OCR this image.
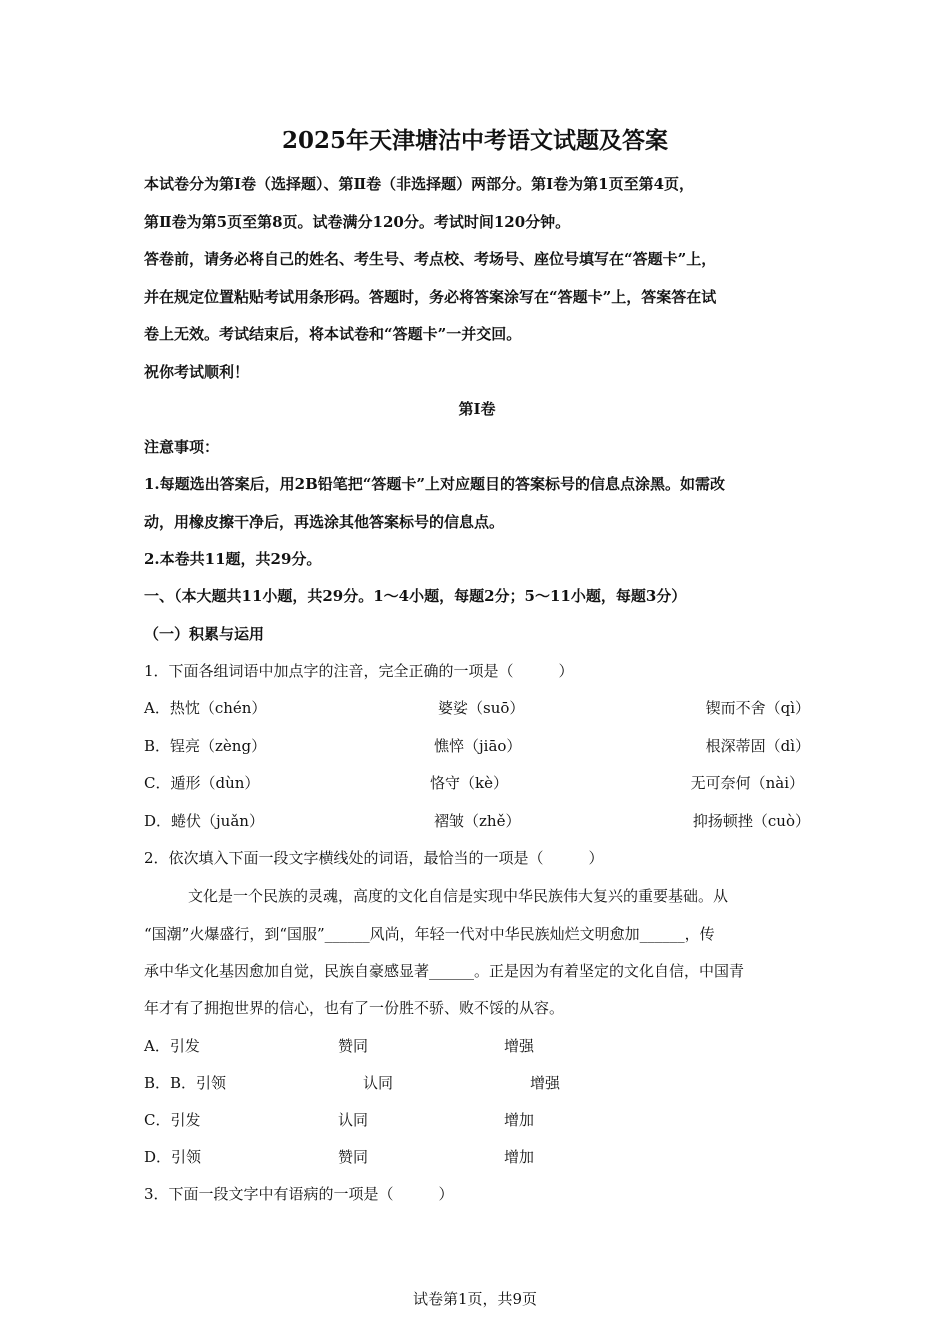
2025年天津塘沽中考语文试题及答案
本试卷分为第Ⅰ卷（选择题）、第Ⅱ卷（非选择题）两部分。第Ⅰ卷为第1页至第4页，
第Ⅱ卷为第5页至第8页。试卷满分120分。考试时间120分钟。
答卷前，请务必将自己的姓名、考生号、考点校、考场号、座位号填写在“答题卡”上，
并在规定位置粘贴考试用条形码。答题时，务必将答案涂写在“答题卡”上，答案答在试
卷上无效。考试结束后，将本试卷和“答题卡”一并交回。
祝你考试顺利！
第Ⅰ卷
注意事项：
1.每题选出答案后，用2B铅笔把“答题卡”上对应题目的答案标号的信息点涂黑。如需改
动，用橡皮擦干净后，再选涂其他答案标号的信息点。
2.本卷共11题，共29分。
一、（本大题共11小题，共29分。1～4小题，每题2分；5～11小题，每题3分）
（一）积累与运用
1．下面各组词语中加点字的注音，完全正确的一项是（　　　）
A．热忱（chén）	婆娑（suō）	锲而不舍（qì）
B．锃亮（zèng）	憔悴（jiāo）	根深蒂固（dì）
C．遁形（dùn）	恪守（kè）	无可奈何（nài）
D．蜷伏（juǎn）	褶皱（zhě）	抑扬顿挫（cuò）
2．依次填入下面一段文字横线处的词语，最恰当的一项是（　　　）
文化是一个民族的灵魂，高度的文化自信是实现中华民族伟大复兴的重要基础。从
“国潮”火爆盛行，到“国服”______风尚，年轻一代对中华民族灿烂文明愈加______，传
承中华文化基因愈加自觉，民族自豪感显著______。正是因为有着坚定的文化自信，中国青
年才有了拥抱世界的信心，也有了一份胜不骄、败不馁的从容。
A．引发	赞同	增强
B．B．引领	认同	增强
C．引发	认同	增加
D．引领	赞同	增加
3．下面一段文字中有语病的一项是（　　　）
试卷第1页，共9页
